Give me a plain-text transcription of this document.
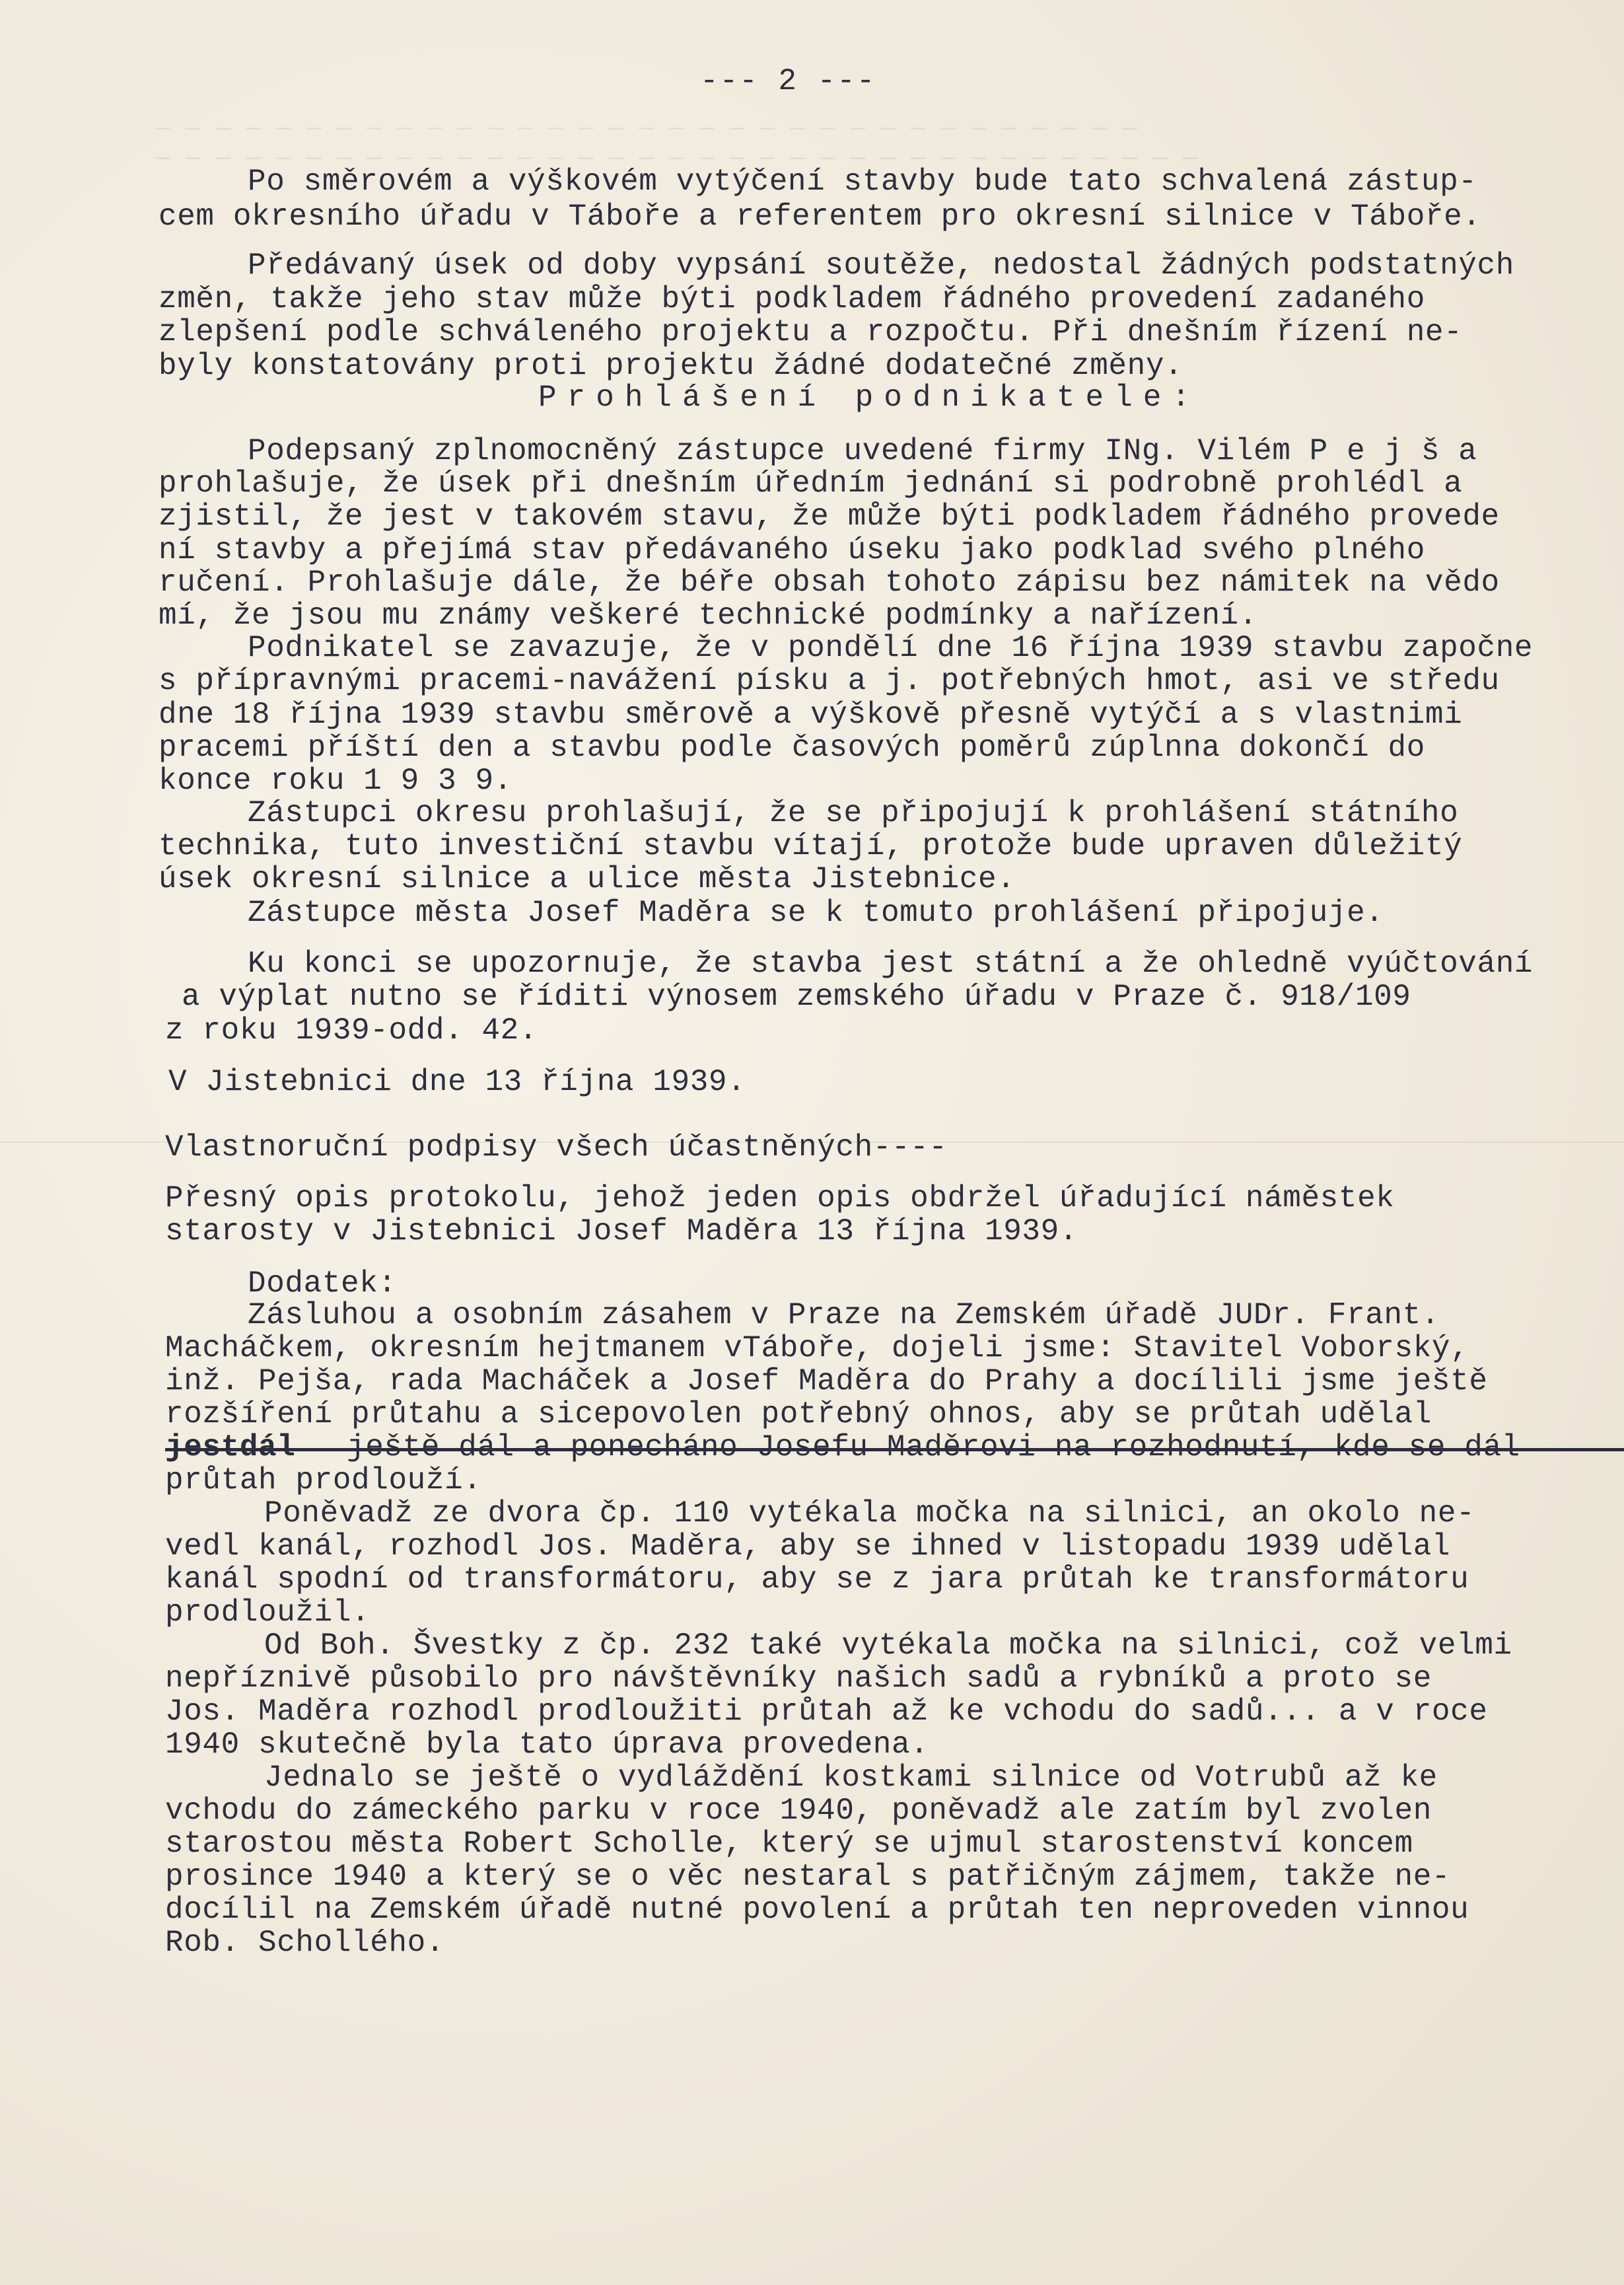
— — — — — — — — — — — — — — — — — — — — — — — — — — — — — — — — —
— — — — — — — — — — — — — — — — — — — — — — — — — — — — — — — — — — —
--- 2 ---
Po směrovém a výškovém vytýčení stavby bude tato schvalená zástup-
cem okresního úřadu v Táboře a referentem pro okresní silnice v Táboře.
Předávaný úsek od doby vypsání soutěže, nedostal žádných podstatných
změn, takže jeho stav může býti podkladem řádného provedení zadaného
zlepšení podle schváleného projektu a rozpočtu. Při dnešním řízení ne-
byly konstatovány proti projektu žádné dodatečné změny.
Prohlášení podnikatele:
Podepsaný zplnomocněný zástupce uvedené firmy INg. Vilém P e j š a
prohlašuje, že úsek při dnešním úředním jednání si podrobně prohlédl a
zjistil, že jest v takovém stavu, že může býti podkladem řádného provede
ní stavby a přejímá stav předávaného úseku jako podklad svého plného
ručení. Prohlašuje dále, že béře obsah tohoto zápisu bez námitek na vědo
mí, že jsou mu známy veškeré technické podmínky a nařízení.
Podnikatel se zavazuje, že v pondělí dne 16 října 1939 stavbu započne
s přípravnými pracemi-navážení písku a j. potřebných hmot, asi ve středu
dne 18 října 1939 stavbu směrově a výškově přesně vytýčí a s vlastnimi
pracemi příští den a stavbu podle časových poměrů zúplnna dokončí do
konce roku 1 9 3 9.
Zástupci okresu prohlašují, že se připojují k prohlášení státního
technika, tuto investiční stavbu vítají, protože bude upraven důležitý
úsek okresní silnice a ulice města Jistebnice.
Zástupce města Josef Maděra se k tomuto prohlášení připojuje.
Ku konci se upozornuje, že stavba jest státní a že ohledně vyúčtování
a výplat nutno se říditi výnosem zemského úřadu v Praze č. 918/109
z roku 1939-odd. 42.
V Jistebnici dne 13 října 1939.
Vlastnoruční podpisy všech účastněných----
Přesný opis protokolu, jehož jeden opis obdržel úřadující náměstek
starosty v Jistebnici Josef Maděra 13 října 1939.
Dodatek:
Zásluhou a osobním zásahem v Praze na Zemském úřadě JUDr. Frant.
Macháčkem, okresním hejtmanem vTáboře, dojeli jsme: Stavitel Voborský,
inž. Pejša, rada Macháček a Josef Maděra do Prahy a docílili jsme ještě
rozšíření průtahu a sicepovolen potřebný ohnos, aby se průtah udělal
jestdál	ještě dál a ponecháno Josefu Maděrovi na rozhodnutí, kde se dál
průtah prodlouží.
Poněvadž ze dvora čp. 110 vytékala močka na silnici, an okolo ne-
vedl kanál, rozhodl Jos. Maděra, aby se ihned v listopadu 1939 udělal
kanál spodní od transformátoru, aby se z jara průtah ke transformátoru
prodloužil.
Od Boh. Švestky z čp. 232 také vytékala močka na silnici, což velmi
nepříznivě působilo pro návštěvníky našich sadů a rybníků a proto se
Jos. Maděra rozhodl prodloužiti průtah až ke vchodu do sadů... a v roce
1940 skutečně byla tato úprava provedena.
Jednalo se ještě o vydláždění kostkami silnice od Votrubů až ke
vchodu do zámeckého parku v roce 1940, poněvadž ale zatím byl zvolen
starostou města Robert Scholle, který se ujmul starostenství koncem
prosince 1940 a který se o věc nestaral s patřičným zájmem, takže ne-
docílil na Zemském úřadě nutné povolení a průtah ten neproveden vinnou
Rob. Schollého.
